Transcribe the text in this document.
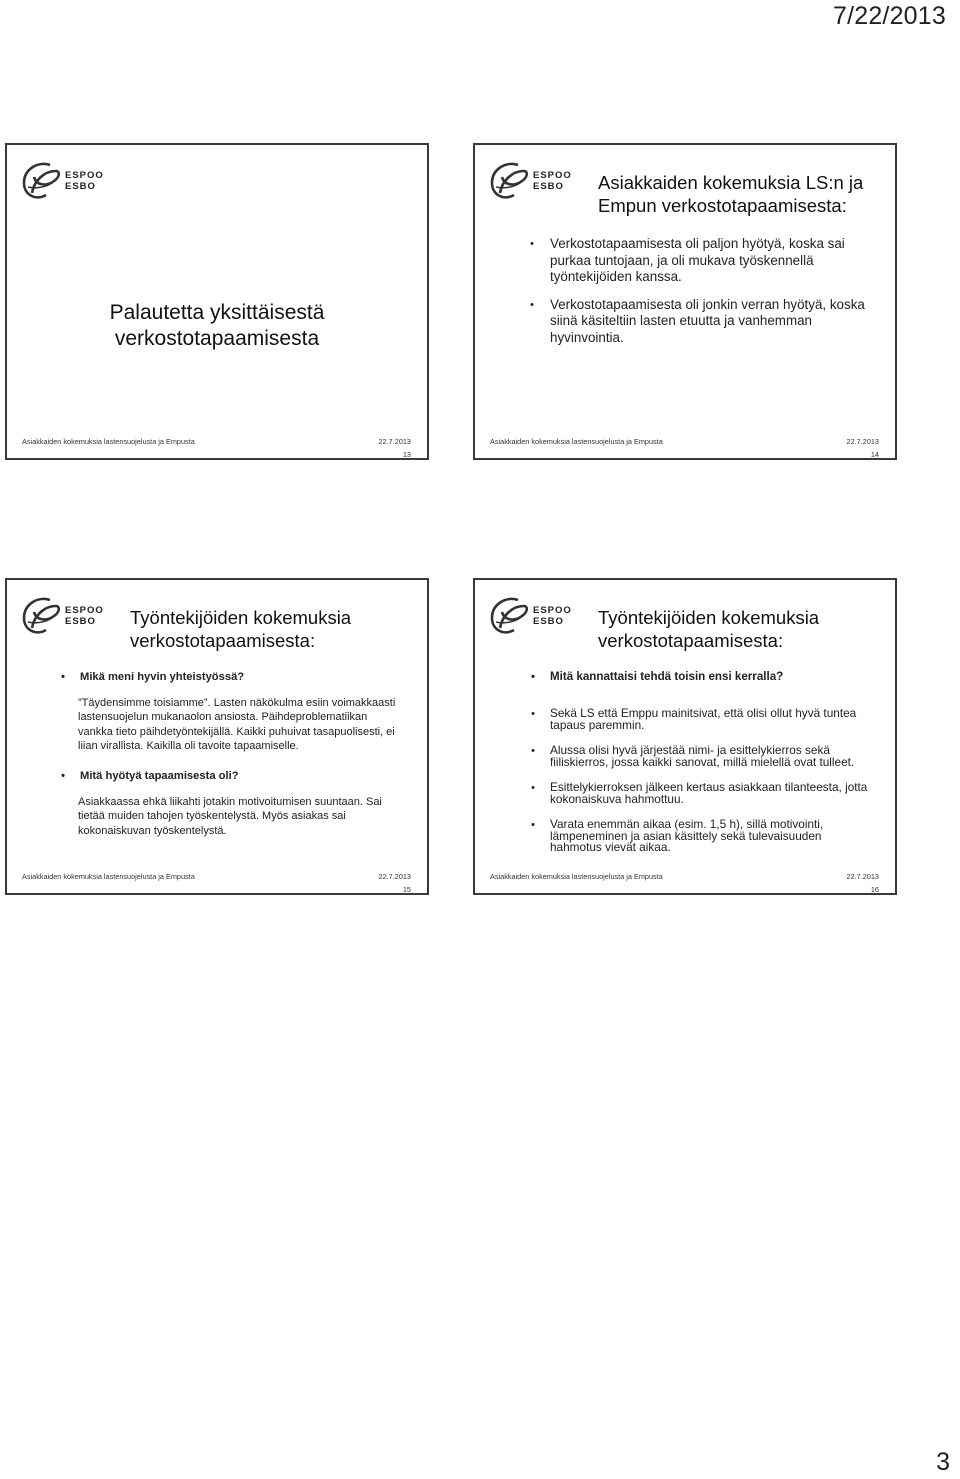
7/22/2013
ESPOO
ESBO
Palautetta yksittäisestä
verkostotapaamisesta
Asiakkaiden kokemuksia lastensuojelusta ja Empusta	22.7.2013
13
ESPOO
ESBO	Asiakkaiden kokemuksia LS:n ja
Empun verkostotapaamisesta:
• Verkostotapaamisesta oli paljon hyötyä, koska sai purkaa tuntojaan, ja oli mukava työskennellä työntekijöiden kanssa.
• Verkostotapaamisesta oli jonkin verran hyötyä, koska siinä käsiteltiin lasten etuutta ja vanhemman hyvinvointia.
Asiakkaiden kokemuksia lastensuojelusta ja Empusta	22.7.2013
14
ESPOO
ESBO	Työntekijöiden kokemuksia
verkostotapaamisesta:
• Mikä meni hyvin yhteistyössä?
”Täydensimme toisiamme”. Lasten näkökulma esiin voimakkaasti lastensuojelun mukanaolon ansiosta. Päihdeproblematiikan vankka tieto päihdetyöntekijällä. Kaikki puhuivat tasapuolisesti, ei liian virallista. Kaikilla oli tavoite tapaamiselle.
• Mitä hyötyä tapaamisesta oli?
Asiakkaassa ehkä liikahti jotakin motivoitumisen suuntaan. Sai tietää muiden tahojen työskentelystä. Myös asiakas sai kokonaiskuvan työskentelystä.
Asiakkaiden kokemuksia lastensuojelusta ja Empusta	22.7.2013
15
ESPOO
ESBO	Työntekijöiden kokemuksia
verkostotapaamisesta:
• Mitä kannattaisi tehdä toisin ensi kerralla?
• Sekä LS että Emppu mainitsivat, että olisi ollut hyvä tuntea tapaus paremmin.
• Alussa olisi hyvä järjestää nimi- ja esittelykierros sekä fiiliskierros, jossa kaikki sanovat, millä mielellä ovat tulleet.
• Esittelykierroksen jälkeen kertaus asiakkaan tilanteesta, jotta kokonaiskuva hahmottuu.
• Varata enemmän aikaa (esim. 1,5 h), sillä motivointi, lämpeneminen ja asian käsittely sekä tulevaisuuden hahmotus vievät aikaa.
Asiakkaiden kokemuksia lastensuojelusta ja Empusta	22.7.2013
16
3
